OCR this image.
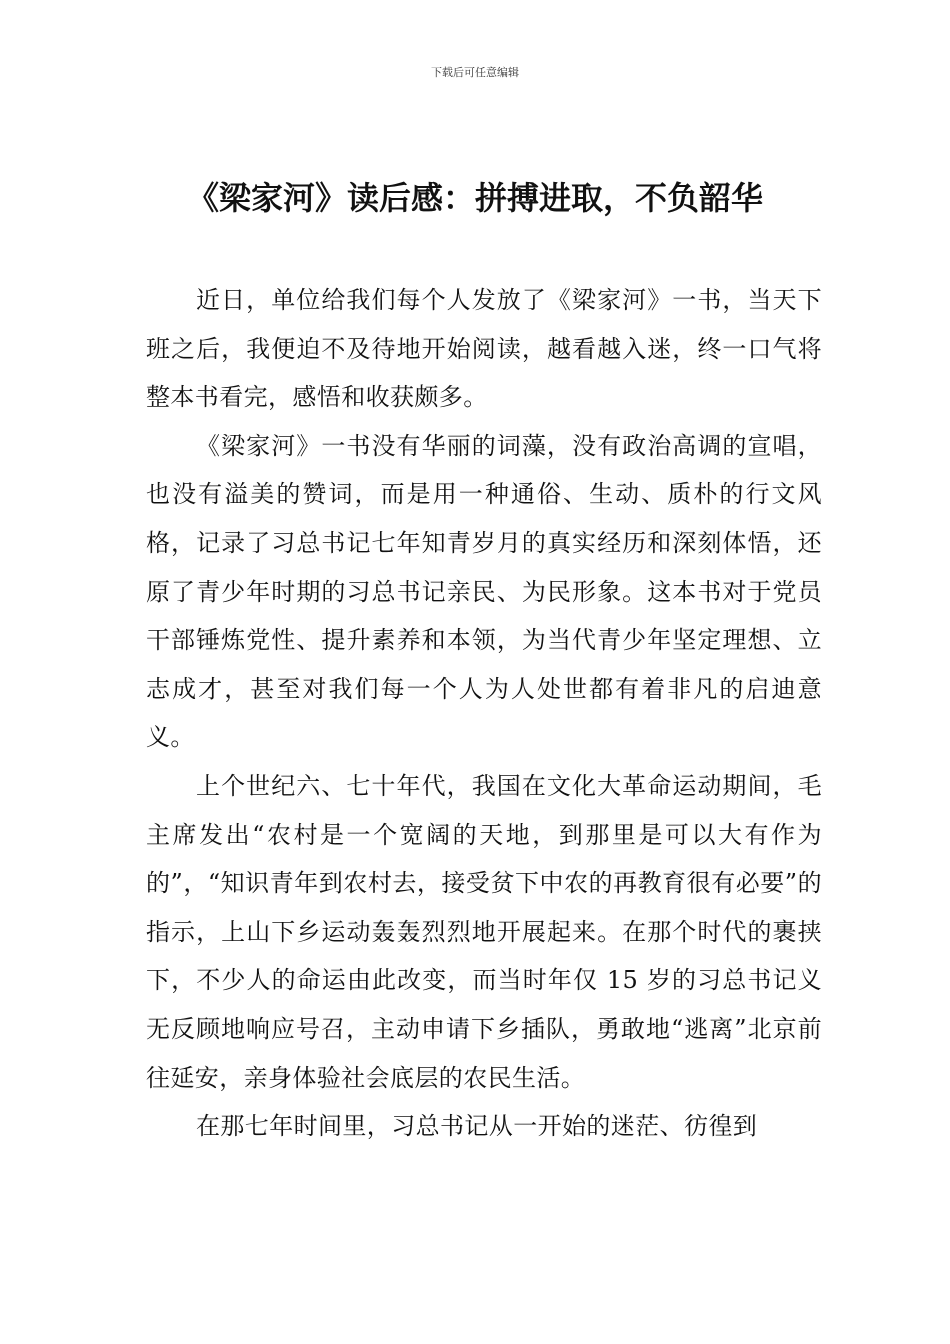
下载后可任意编辑
《梁家河》读后感：拼搏进取，不负韶华

近日，单位给我们每个人发放了《梁家河》一书，当天下班之后，我便迫不及待地开始阅读，越看越入迷，终一口气将整本书看完，感悟和收获颇多。

《梁家河》一书没有华丽的词藻，没有政治高调的宣唱，也没有溢美的赞词，而是用一种通俗、生动、质朴的行文风格，记录了习总书记七年知青岁月的真实经历和深刻体悟，还原了青少年时期的习总书记亲民、为民形象。这本书对于党员干部锤炼党性、提升素养和本领，为当代青少年坚定理想、立志成才，甚至对我们每一个人为人处世都有着非凡的启迪意义。

上个世纪六、七十年代，我国在文化大革命运动期间，毛主席发出“农村是一个宽阔的天地，到那里是可以大有作为的”，“知识青年到农村去，接受贫下中农的再教育很有必要”的指示，上山下乡运动轰轰烈烈地开展起来。在那个时代的裹挟下，不少人的命运由此改变，而当时年仅 15 岁的习总书记义无反顾地响应号召，主动申请下乡插队，勇敢地“逃离”北京前往延安，亲身体验社会底层的农民生活。

在那七年时间里，习总书记从一开始的迷茫、彷徨到
